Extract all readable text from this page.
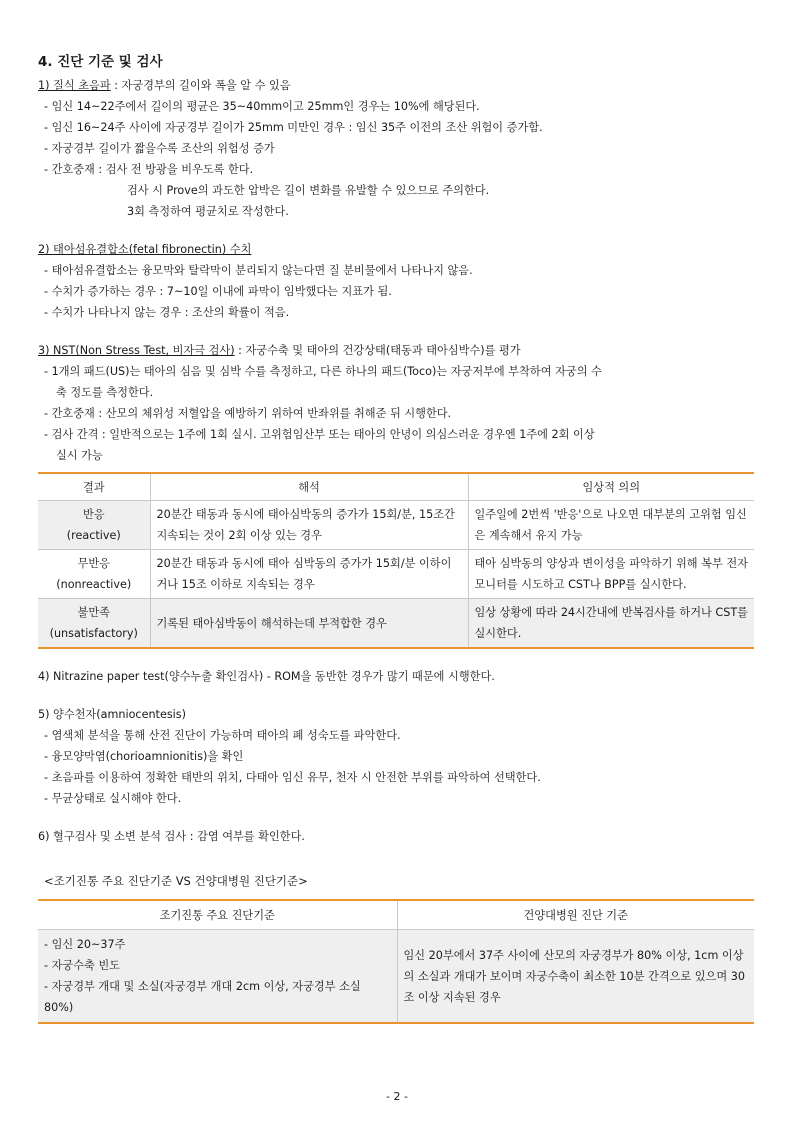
4. 진단 기준 및 검사
1) 질식 초음파 : 자궁경부의 길이와 폭을 알 수 있음
- 임신 14~22주에서 길이의 평균은 35~40mm이고 25mm인 경우는 10%에 해당된다.
- 임신 16~24주 사이에 자궁경부 길이가 25mm 미만인 경우 : 임신 35주 이전의 조산 위험이 증가함.
- 자궁경부 길이가 짧을수록 조산의 위험성 증가
- 간호중재 : 검사 전 방광을 비우도록 한다.
검사 시 Prove의 과도한 압박은 길이 변화를 유발할 수 있으므로 주의한다.
3회 측정하여 평균치로 작성한다.
2) 태아섬유결합소(fetal fibronectin) 수치
- 태아섬유결합소는 융모막와 탈락막이 분리되지 않는다면 질 분비물에서 나타나지 않음.
- 수치가 증가하는 경우 : 7~10일 이내에 파막이 임박했다는 지표가 됨.
- 수치가 나타나지 않는 경우 : 조산의 확률이 적음.
3) NST(Non Stress Test, 비자극 검사) : 자궁수축 및 태아의 건강상태(태동과 태아심박수)를 평가
- 1개의 패드(US)는 태아의 심음 및 심박 수를 측정하고, 다른 하나의 패드(Toco)는 자궁저부에 부착하여 자궁의 수
축 정도를 측정한다.
- 간호중재 : 산모의 체위성 저혈압을 예방하기 위하여 반좌위를 취해준 뒤 시행한다.
- 검사 간격 : 일반적으로는 1주에 1회 실시. 고위험임산부 또는 태아의 안녕이 의심스러운 경우엔 1주에 2회 이상
실시 가능
결과	해석	임상적 의의

반응
(reactive)	20분간 태동과 동시에 태아심박동의 증가가 15회/분, 15조간 지속되는 것이 2회 이상 있는 경우	일주일에 2번씩 '반응'으로 나오면 대부분의 고위험 임신은 계속해서 유지 가능

무반응
(nonreactive)	20분간 태동과 동시에 태아 심박동의 증가가 15회/분 이하이거나 15조 이하로 지속되는 경우	태아 심박동의 양상과 변이성을 파악하기 위해 복부 전자모니터를 시도하고 CST나 BPP를 실시한다.

불만족
(unsatisfactory)	기록된 태아심박동이 해석하는데 부적합한 경우	임상 상황에 따라 24시간내에 반복검사를 하거나 CST를 실시한다.
4) Nitrazine paper test(양수누출 확인검사) - ROM을 동반한 경우가 많기 때문에 시행한다.
5) 양수천자(amniocentesis)
- 염색체 분석을 통해 산전 진단이 가능하며 태아의 폐 성숙도를 파악한다.
- 융모양막염(chorioamnionitis)을 확인
- 초음파를 이용하여 정확한 태반의 위치, 다태아 임신 유무, 천자 시 안전한 부위를 파악하여 선택한다.
- 무균상태로 실시해야 한다.
6) 혈구검사 및 소변 분석 검사 : 감염 여부를 확인한다.
<조기진통 주요 진단기준 VS 건양대병원 진단기준>
조기진통 주요 진단기준	건양대병원 진단 기준

- 임신 20~37주
- 자궁수축 빈도
- 자궁경부 개대 및 소실(자궁경부 개대 2cm 이상, 자궁경부 소실 80%)	임신 20부에서 37주 사이에 산모의 자궁경부가 80% 이상, 1cm 이상의 소실과 개대가 보이며 자궁수축이 최소한 10분 간격으로 있으며 30조 이상 지속된 경우
- 2 -
